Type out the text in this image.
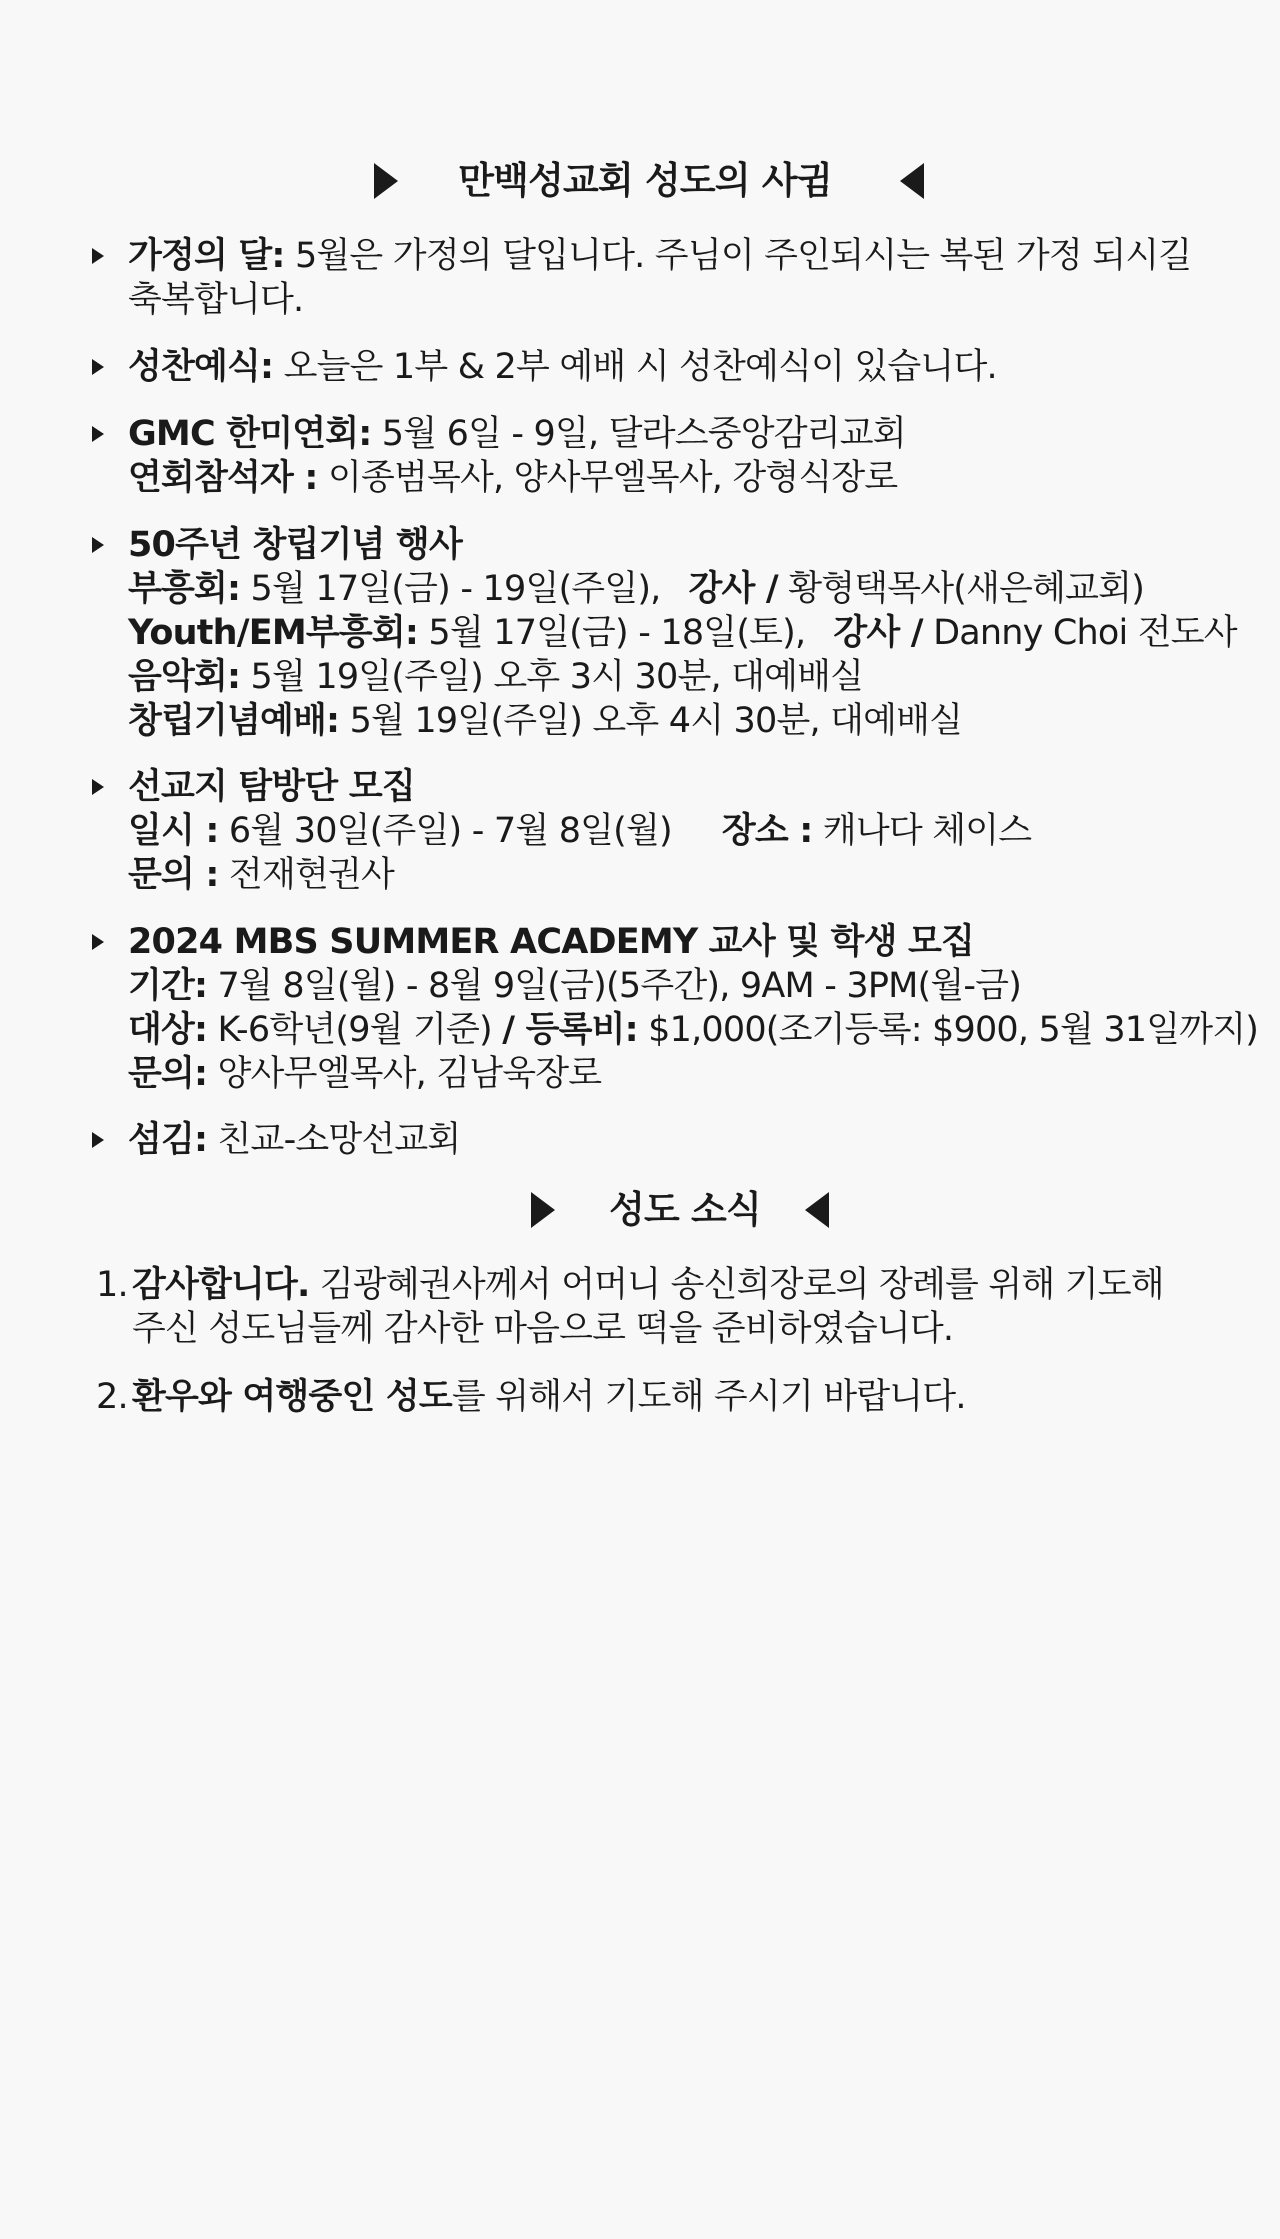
만백성교회 성도의 사귐
가정의 달: 5월은 가정의 달입니다. 주님이 주인되시는 복된 가정 되시길
축복합니다.
성찬예식: 오늘은 1부 & 2부 예배 시 성찬예식이 있습니다.
GMC 한미연회: 5월 6일 - 9일, 달라스중앙감리교회
연회참석자 : 이종범목사, 양사무엘목사, 강형식장로
50주년 창립기념 행사
부흥회: 5월 17일(금) - 19일(주일), 강사 / 황형택목사(새은혜교회)
Youth/EM부흥회: 5월 17일(금) - 18일(토), 강사 / Danny Choi 전도사
음악회: 5월 19일(주일) 오후 3시 30분, 대예배실
창립기념예배: 5월 19일(주일) 오후 4시 30분, 대예배실
선교지 탐방단 모집
일시 : 6월 30일(주일) - 7월 8일(월) 장소 : 캐나다 체이스
문의 : 전재현권사
2024 MBS SUMMER ACADEMY 교사 및 학생 모집
기간: 7월 8일(월) - 8월 9일(금)(5주간), 9AM - 3PM(월-금)
대상: K-6학년(9월 기준) / 등록비: $1,000(조기등록: $900, 5월 31일까지)
문의: 양사무엘목사, 김남욱장로
섬김: 친교-소망선교회
성도 소식
1. 감사합니다. 김광혜권사께서 어머니 송신희장로의 장례를 위해 기도해
주신 성도님들께 감사한 마음으로 떡을 준비하였습니다.
2. 환우와 여행중인 성도를 위해서 기도해 주시기 바랍니다.
